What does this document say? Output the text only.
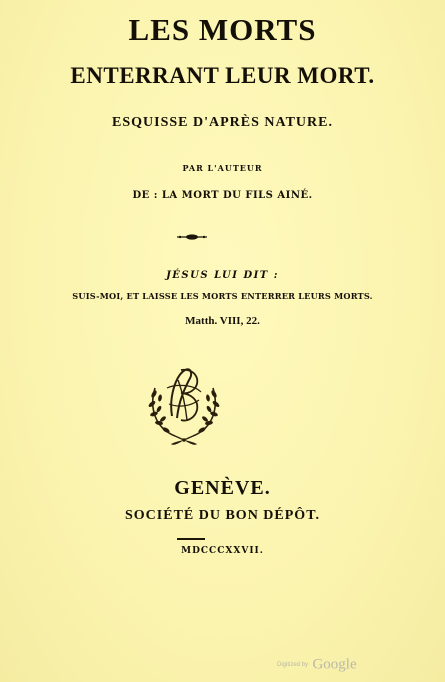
LES MORTS
ENTERRANT LEUR MORT.
ESQUISSE D'APRÈS NATURE.
PAR L'AUTEUR
DE : LA MORT DU FILS AINÉ.
JÉSUS LUI DIT :
SUIS-MOI, ET LAISSE LES MORTS ENTERRER LEURS MORTS.
Matth. VIII, 22.
GENÈVE.
SOCIÉTÉ DU BON DÉPÔT.
MDCCCXXVII.
Digitized by Google
